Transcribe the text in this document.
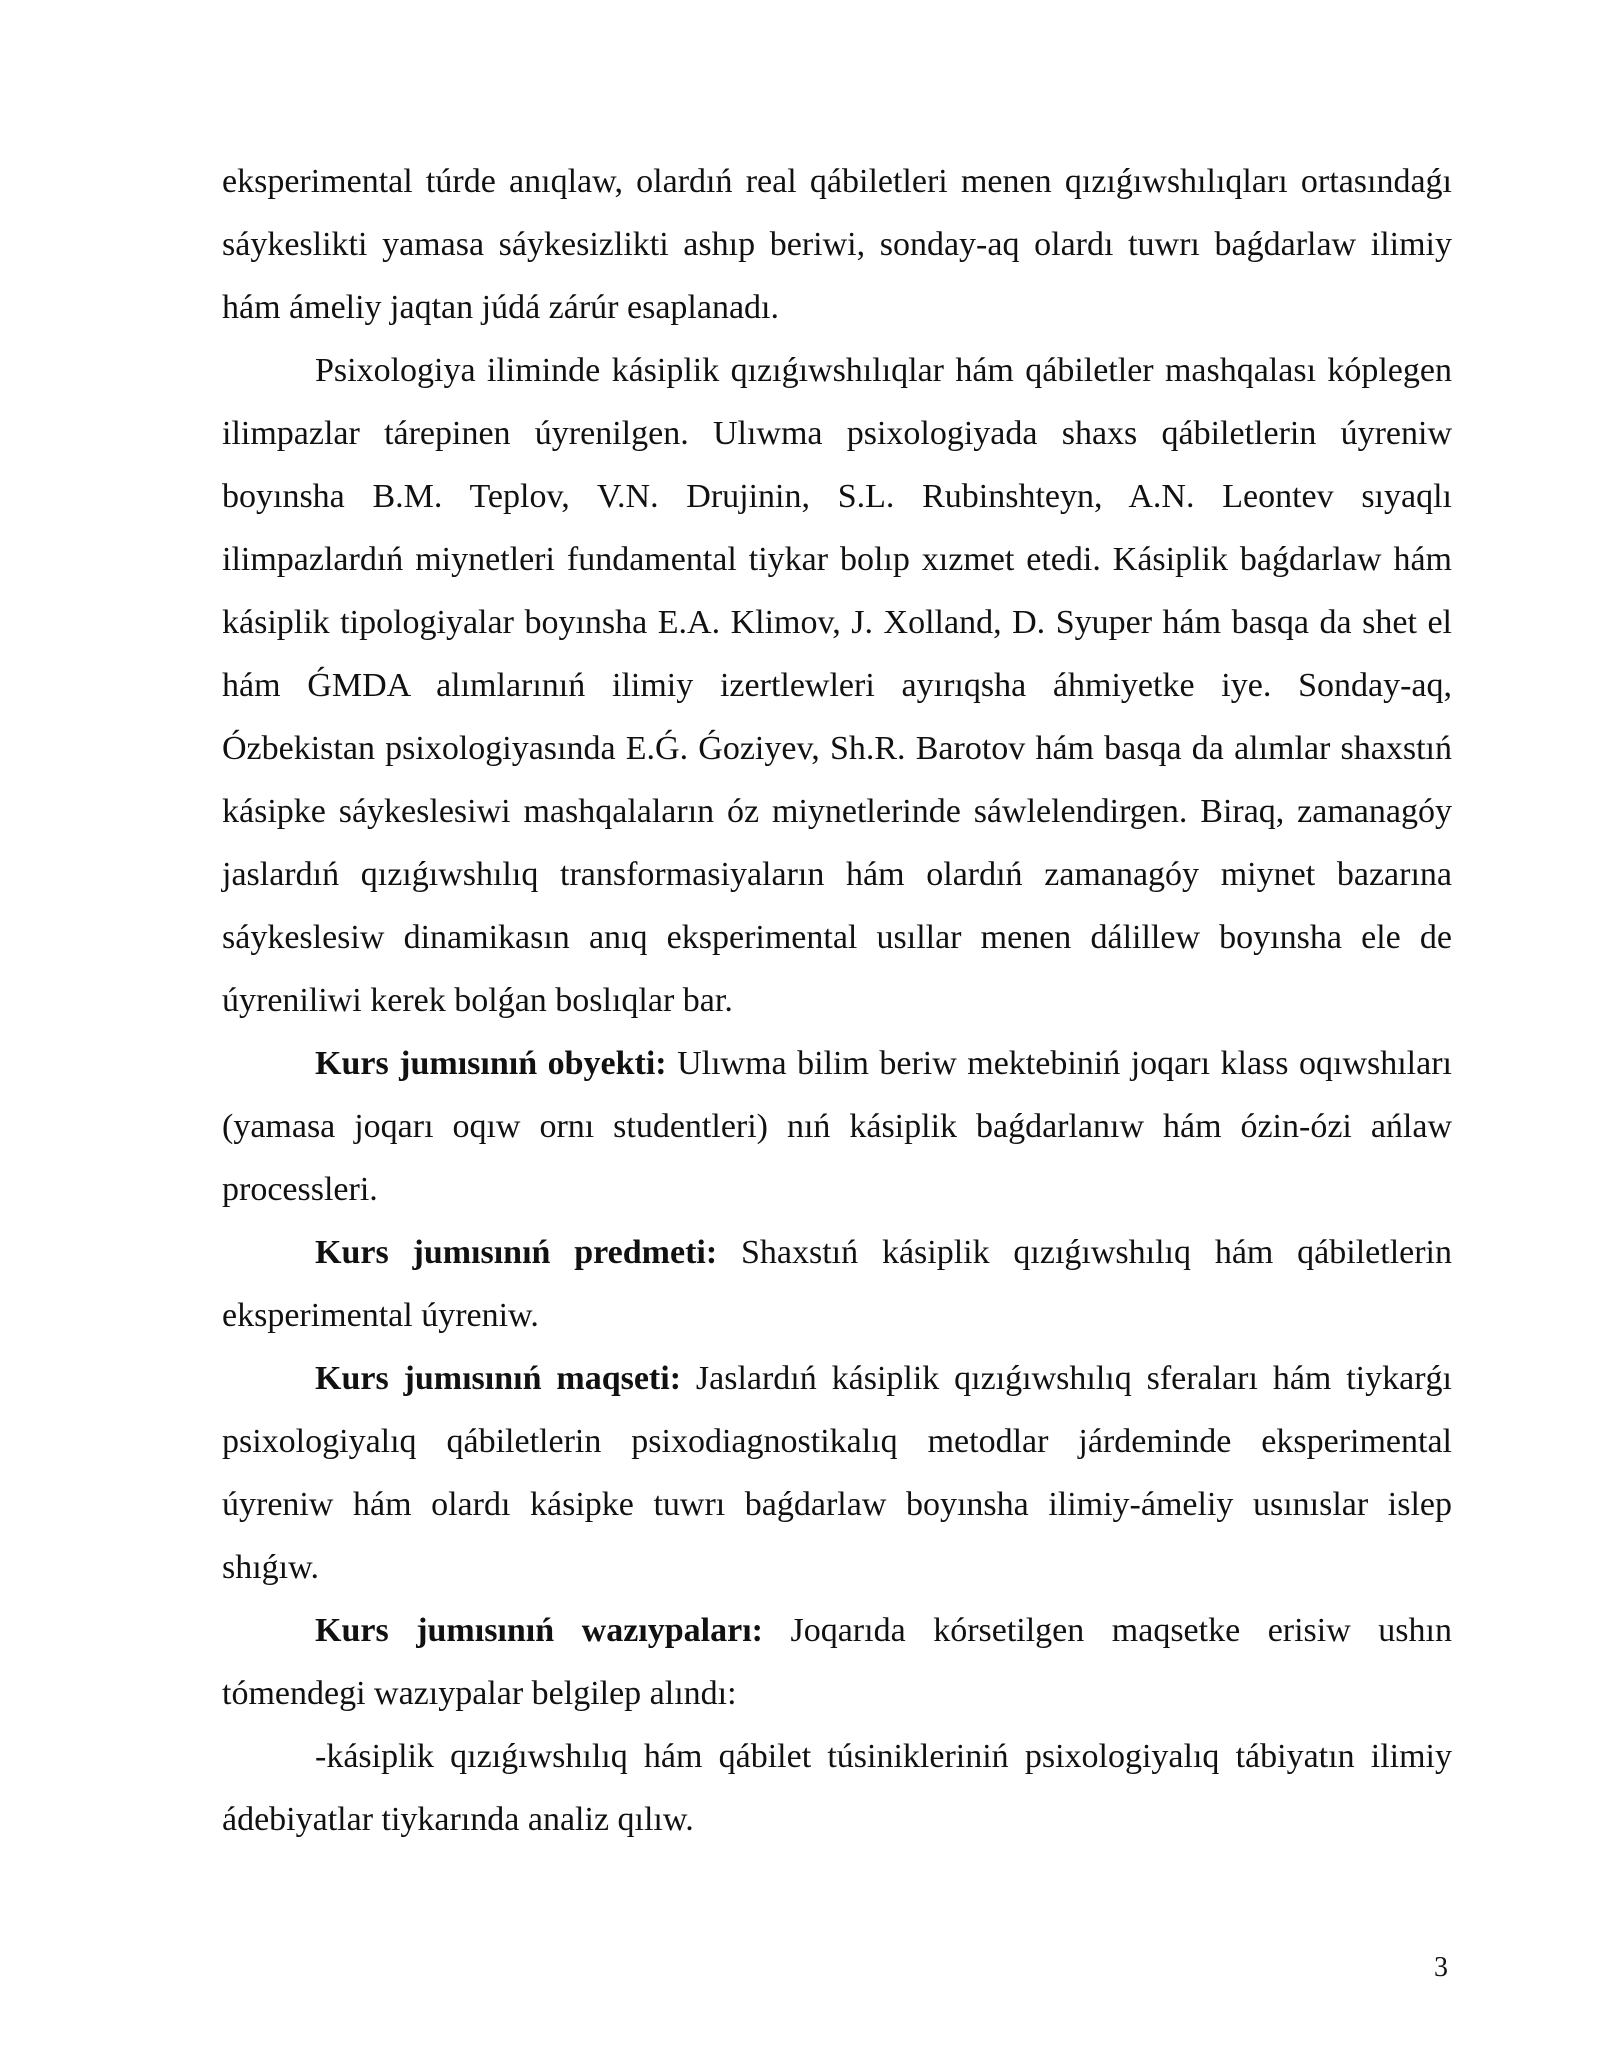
eksperimental túrde anıqlaw, olardıń real qábiletleri menen qızıǵıwshılıqları ortasındaǵı sáykeslikti yamasa sáykesizlikti ashıp beriwi, sonday-aq olardı tuwrı baǵdarlaw ilimiy hám ámeliy jaqtan júdá zárúr esaplanadı.

Psixologiya iliminde kásiplik qızıǵıwshılıqlar hám qábiletler mashqalası kóplegen ilimpazlar tárepinen úyrenilgen. Ulıwma psixologiyada shaxs qábiletlerin úyreniw boyınsha B.M. Teplov, V.N. Drujinin, S.L. Rubinshteyn, A.N. Leontev sıyaqlı ilimpazlardıń miynetleri fundamental tiykar bolıp xızmet etedi. Kásiplik baǵdarlaw hám kásiplik tipologiyalar boyınsha E.A. Klimov, J. Xolland, D. Syuper hám basqa da shet el hám ǴMDA alımlarınıń ilimiy izertlewleri ayırıqsha áhmiyetke iye. Sonday-aq, Ózbekistan psixologiyasında E.Ǵ. Ǵoziyev, Sh.R. Barotov hám basqa da alımlar shaxstıń kásipke sáykeslesiwi mashqalaların óz miynetlerinde sáwlelendirgen. Biraq, zamanagóy jaslardıń qızıǵıwshılıq transformasiyaların hám olardıń zamanagóy miynet bazarına sáykeslesiw dinamikasın anıq eksperimental usıllar menen dálillew boyınsha ele de úyreniliwi kerek bolǵan boslıqlar bar.

Kurs jumısınıń obyekti: Ulıwma bilim beriw mektebiniń joqarı klass oqıwshıları (yamasa joqarı oqıw ornı studentleri) nıń kásiplik baǵdarlanıw hám ózin-ózi ańlaw processleri.

Kurs jumısınıń predmeti: Shaxstıń kásiplik qızıǵıwshılıq hám qábiletlerin eksperimental úyreniw.

Kurs jumısınıń maqseti: Jaslardıń kásiplik qızıǵıwshılıq sferaları hám tiykarǵı psixologiyalıq qábiletlerin psixodiagnostikalıq metodlar járdeminde eksperimental úyreniw hám olardı kásipke tuwrı baǵdarlaw boyınsha ilimiy-ámeliy usınıslar islep shıǵıw.

Kurs jumısınıń wazıypaları: Joqarıda kórsetilgen maqsetke erisiw ushın tómendegi wazıypalar belgilep alındı:

-kásiplik qızıǵıwshılıq hám qábilet túsinikleriniń psixologiyalıq tábiyatın ilimiy ádebiyatlar tiykarında analiz qılıw.

3
